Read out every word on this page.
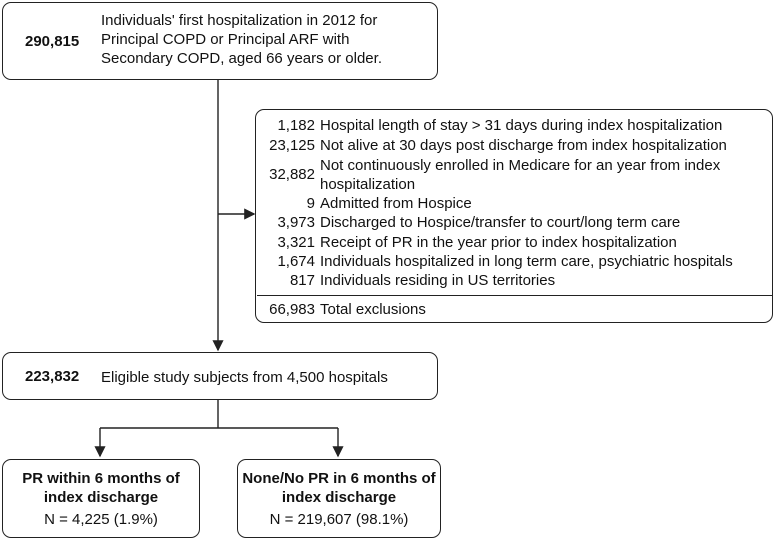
290,815
Individuals' first hospitalization in 2012 for Principal COPD or Principal ARF with Secondary COPD, aged 66 years or older.
1,182 Hospital length of stay > 31 days during index hospitalization
23,125 Not alive at 30 days post discharge from index hospitalization
32,882
Not continuously enrolled in Medicare for an year from index hospitalization
9 Admitted from Hospice
3,973 Discharged to Hospice/transfer to court/long term care
3,321 Receipt of PR in the year prior to index hospitalization
1,674 Individuals hospitalized in long term care, psychiatric hospitals
817 Individuals residing in US territories
66,983 Total exclusions
223,832 Eligible study subjects from 4,500 hospitals
PR within 6 months of index discharge
N = 4,225 (1.9%)
None/No PR in 6 months of index discharge
N = 219,607 (98.1%)
